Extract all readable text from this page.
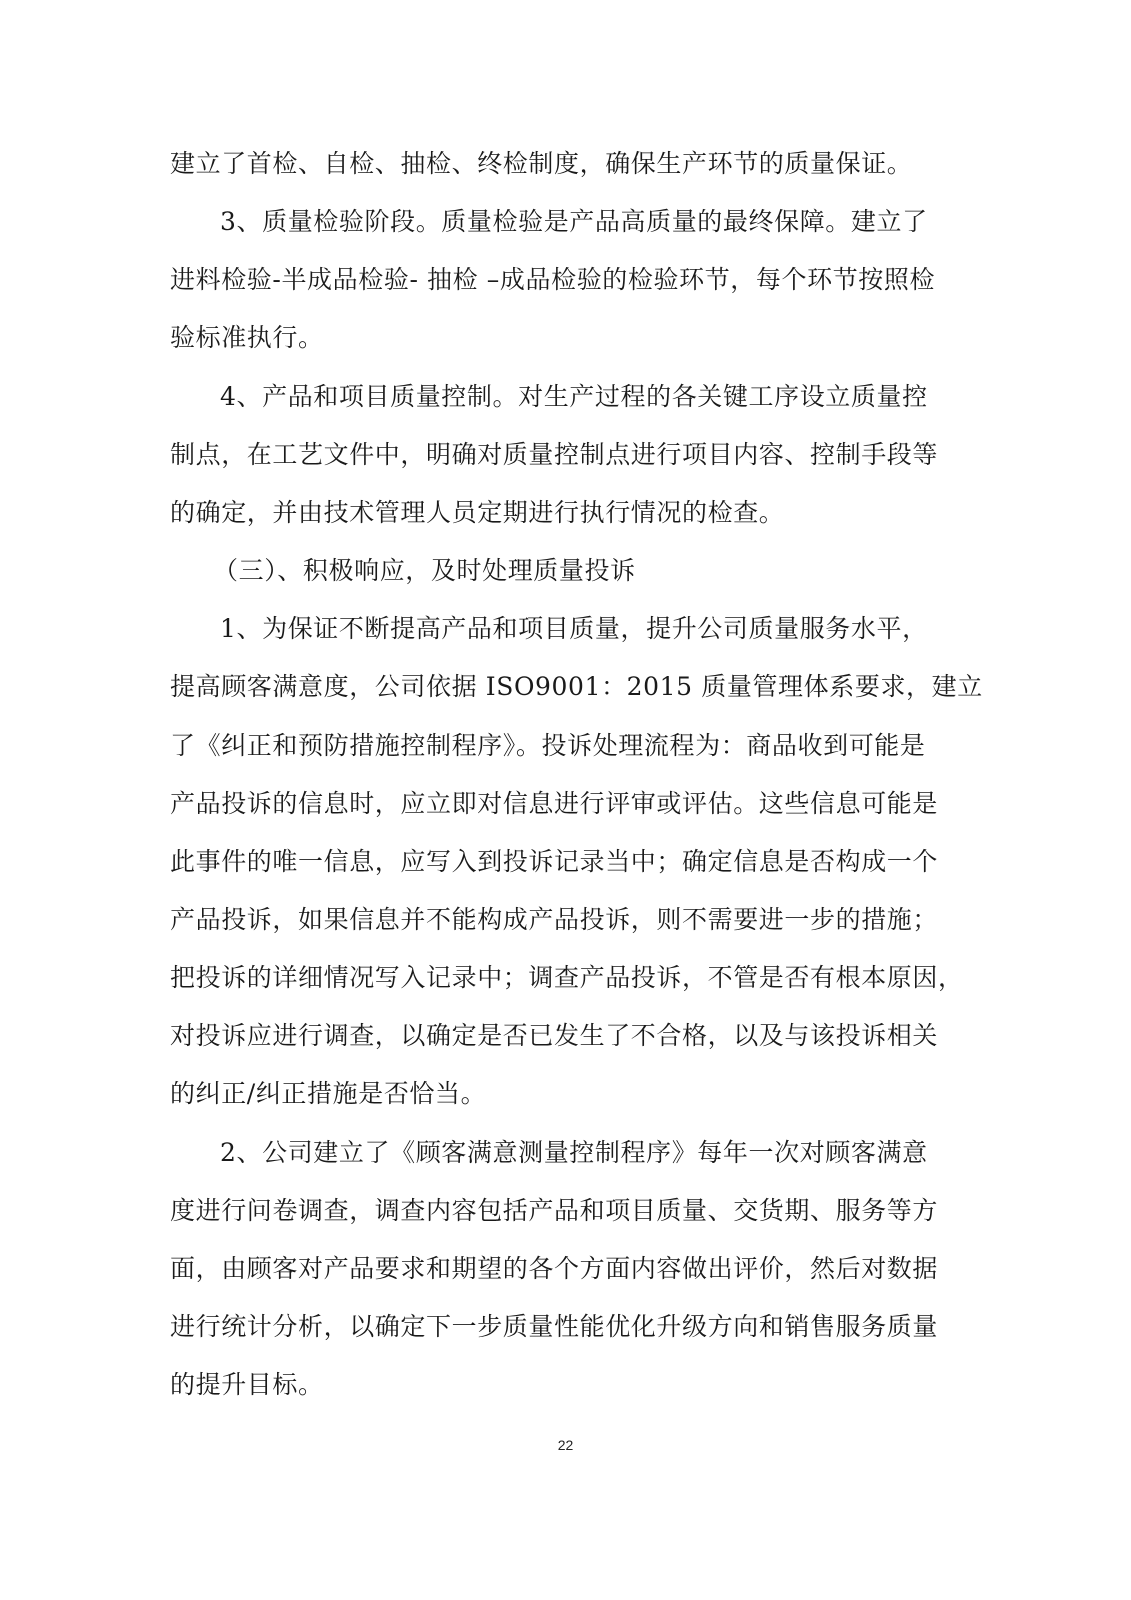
建立了首检、自检、抽检、终检制度，确保生产环节的质量保证。

3、质量检验阶段。质量检验是产品高质量的最终保障。建立了

进料检验-半成品检验- 抽检 –成品检验的检验环节，每个环节按照检

验标准执行。

4、产品和项目质量控制。对生产过程的各关键工序设立质量控

制点，在工艺文件中，明确对质量控制点进行项目内容、控制手段等

的确定，并由技术管理人员定期进行执行情况的检查。

（三）、积极响应，及时处理质量投诉

1、为保证不断提高产品和项目质量，提升公司质量服务水平，

提高顾客满意度，公司依据 ISO9001：2015 质量管理体系要求，建立

了《纠正和预防措施控制程序》。投诉处理流程为：商品收到可能是

产品投诉的信息时，应立即对信息进行评审或评估。这些信息可能是

此事件的唯一信息，应写入到投诉记录当中；确定信息是否构成一个

产品投诉，如果信息并不能构成产品投诉，则不需要进一步的措施；

把投诉的详细情况写入记录中；调查产品投诉，不管是否有根本原因，

对投诉应进行调查，以确定是否已发生了不合格，以及与该投诉相关

的纠正/纠正措施是否恰当。

2、公司建立了《顾客满意测量控制程序》每年一次对顾客满意

度进行问卷调查，调查内容包括产品和项目质量、交货期、服务等方

面，由顾客对产品要求和期望的各个方面内容做出评价，然后对数据

进行统计分析，以确定下一步质量性能优化升级方向和销售服务质量

的提升目标。

22
